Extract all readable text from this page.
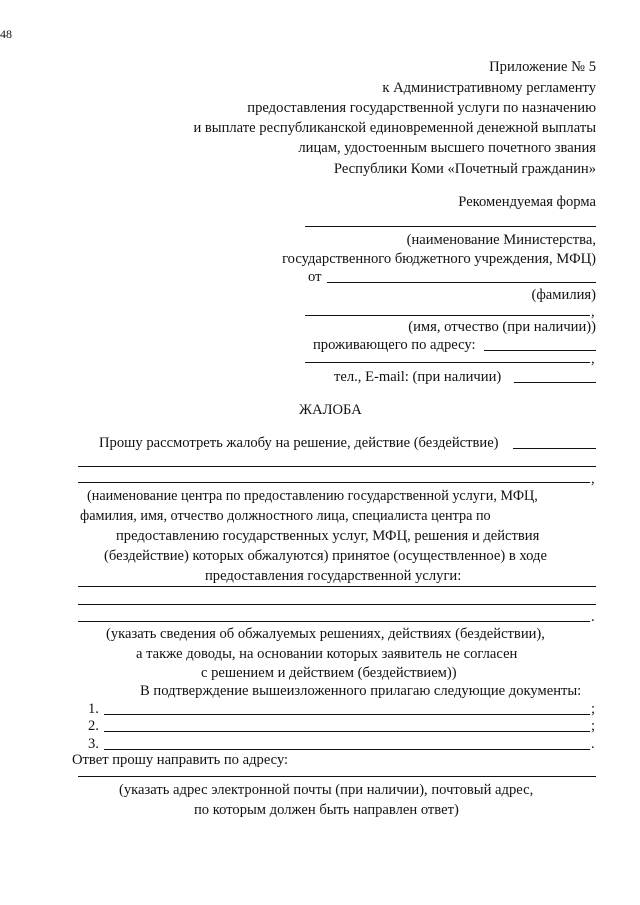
48
Приложение № 5
к Административному регламенту
предоставления государственной услуги по назначению
и выплате республиканской единовременной денежной выплаты
лицам, удостоенным высшего почетного звания
Республики Коми «Почетный гражданин»
Рекомендуемая форма
(наименование Министерства,
государственного бюджетного учреждения, МФЦ)
от
(фамилия)
,
(имя, отчество (при наличии))
проживающего по адресу:
,
тел., E-mail: (при наличии)
ЖАЛОБА
Прошу рассмотреть жалобу на решение, действие (бездействие)
,
(наименование центра по предоставлению государственной услуги, МФЦ,
фамилия, имя, отчество должностного лица, специалиста центра по
предоставлению государственных услуг, МФЦ, решения и действия
(бездействие) которых обжалуются) принятое (осуществленное) в ходе
предоставления государственной услуги:
.
(указать сведения об обжалуемых решениях, действиях (бездействии),
а также доводы, на основании которых заявитель не согласен
с решением и действием (бездействием))
В подтверждение вышеизложенного прилагаю следующие документы:
1.	;
2.	;
3.	.
Ответ прошу направить по адресу:
(указать адрес электронной почты (при наличии), почтовый адрес,
по которым должен быть направлен ответ)
